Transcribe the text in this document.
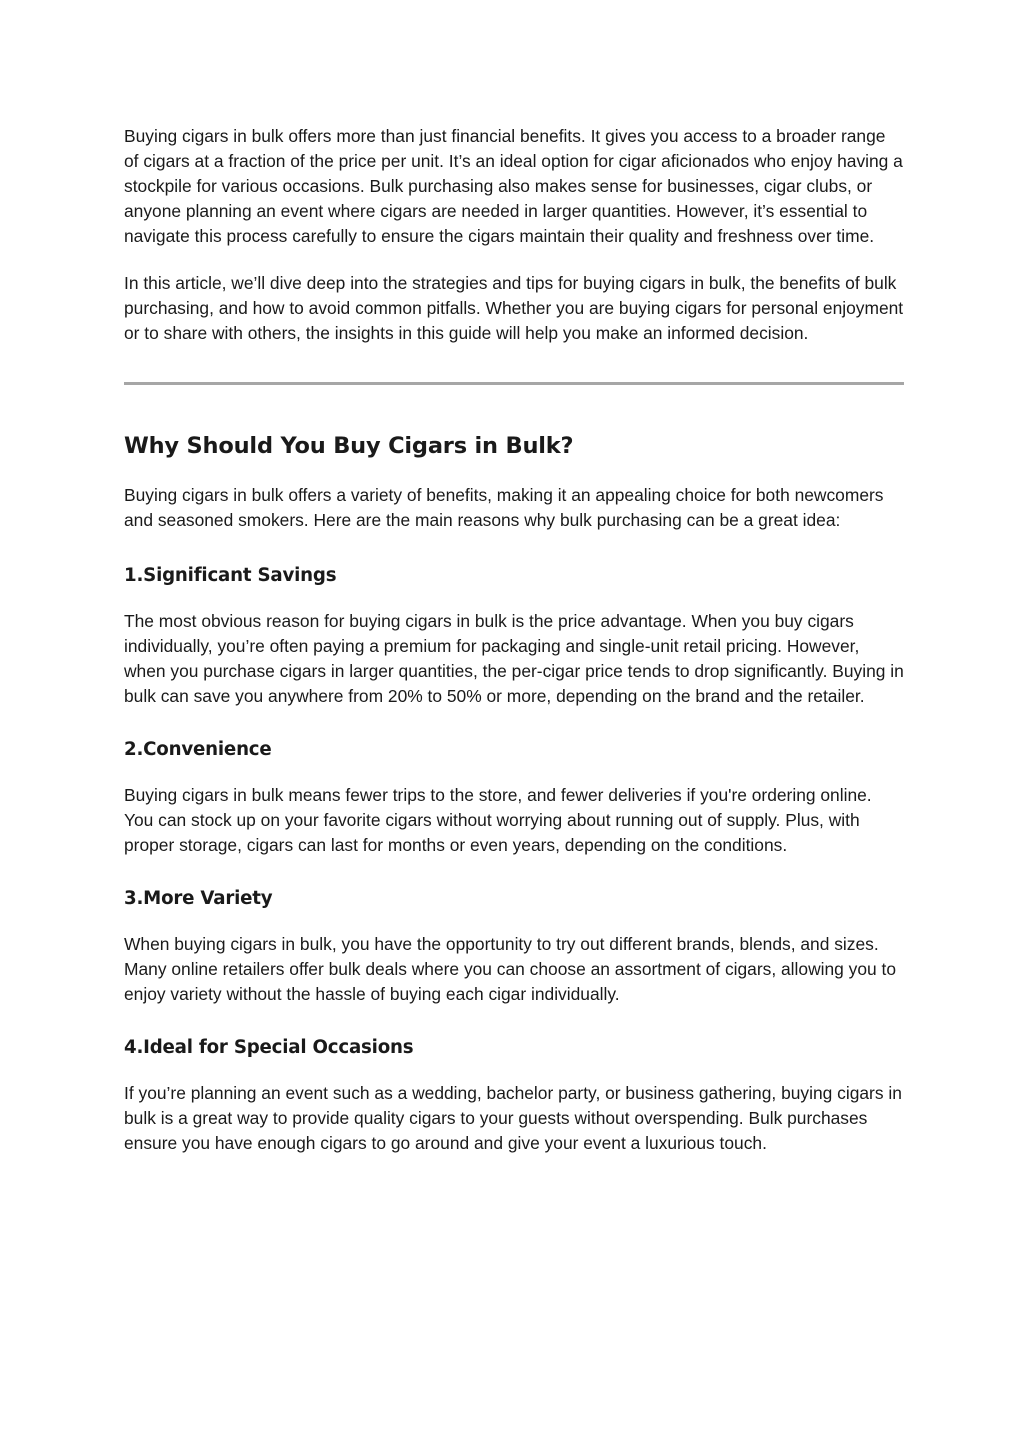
Buying cigars in bulk offers more than just financial benefits. It gives you access to a broader range of cigars at a fraction of the price per unit. It’s an ideal option for cigar aficionados who enjoy having a stockpile for various occasions. Bulk purchasing also makes sense for businesses, cigar clubs, or anyone planning an event where cigars are needed in larger quantities. However, it’s essential to navigate this process carefully to ensure the cigars maintain their quality and freshness over time.

In this article, we’ll dive deep into the strategies and tips for buying cigars in bulk, the benefits of bulk purchasing, and how to avoid common pitfalls. Whether you are buying cigars for personal enjoyment or to share with others, the insights in this guide will help you make an informed decision.

Why Should You Buy Cigars in Bulk?

Buying cigars in bulk offers a variety of benefits, making it an appealing choice for both newcomers and seasoned smokers. Here are the main reasons why bulk purchasing can be a great idea:

1.Significant Savings

The most obvious reason for buying cigars in bulk is the price advantage. When you buy cigars individually, you’re often paying a premium for packaging and single-unit retail pricing. However, when you purchase cigars in larger quantities, the per-cigar price tends to drop significantly. Buying in bulk can save you anywhere from 20% to 50% or more, depending on the brand and the retailer.

2.Convenience

Buying cigars in bulk means fewer trips to the store, and fewer deliveries if you're ordering online. You can stock up on your favorite cigars without worrying about running out of supply. Plus, with proper storage, cigars can last for months or even years, depending on the conditions.

3.More Variety

When buying cigars in bulk, you have the opportunity to try out different brands, blends, and sizes. Many online retailers offer bulk deals where you can choose an assortment of cigars, allowing you to enjoy variety without the hassle of buying each cigar individually.

4.Ideal for Special Occasions

If you’re planning an event such as a wedding, bachelor party, or business gathering, buying cigars in bulk is a great way to provide quality cigars to your guests without overspending. Bulk purchases ensure you have enough cigars to go around and give your event a luxurious touch.
